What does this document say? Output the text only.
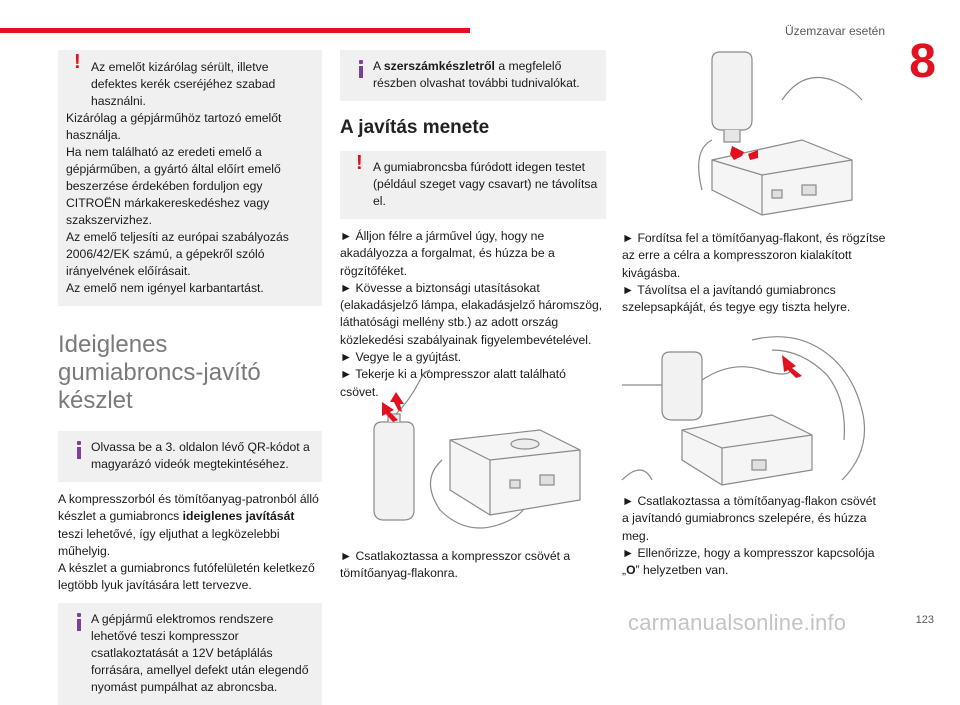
Üzemzavar esetén
8
123
! Az emelőt kizárólag sérült, illetve defektes kerék cseréjéhez szabad használni.
Kizárólag a gépjárműhöz tartozó emelőt használja.
Ha nem található az eredeti emelő a gépjárműben, a gyártó által előírt emelő beszerzése érdekében forduljon egy CITROËN márkakereskedéshez vagy szakszervizhez.
Az emelő teljesíti az európai szabályozás 2006/42/EK számú, a gépekről szóló irányelvének előírásait.
Az emelő nem igényel karbantartást.
Ideiglenes gumiabroncs-javító készlet
Olvassa be a 3. oldalon lévő QR-kódot a magyarázó videók megtekintéséhez.
A kompresszorból és tömítőanyag-patronból álló készlet a gumiabroncs ideiglenes javítását teszi lehetővé, így eljuthat a legközelebbi műhelyig.
A készlet a gumiabroncs futófelületén keletkező legtöbb lyuk javítására lett tervezve.
A gépjármű elektromos rendszere lehetővé teszi kompresszor csatlakoztatását a 12V betáplálás forrására, amellyel defekt után elegendő nyomást pumpálhat az abroncsba.
A szerszámkészletről a megfelelő részben olvashat további tudnivalókat.
A javítás menete
! A gumiabroncsba fúródott idegen testet (például szeget vagy csavart) ne távolítsa el.
► Álljon félre a járművel úgy, hogy ne akadályozza a forgalmat, és húzza be a rögzítőféket.
► Kövesse a biztonsági utasításokat (elakadásjelző lámpa, elakadásjelző háromszög, láthatósági mellény stb.) az adott ország közlekedési szabályainak figyelembevételével.
► Vegye le a gyújtást.
► Tekerje ki a kompresszor alatt található csövet.
► Csatlakoztassa a kompresszor csövét a tömítőanyag-flakonra.
► Fordítsa fel a tömítőanyag-flakont, és rögzítse az erre a célra a kompresszoron kialakított kivágásba.
► Távolítsa el a javítandó gumiabroncs szelepsapkáját, és tegye egy tiszta helyre.
► Csatlakoztassa a tömítőanyag-flakon csövét a javítandó gumiabroncs szelepére, és húzza meg.
► Ellenőrizze, hogy a kompresszor kapcsolója „O” helyzetben van.
carmanualsonline.info
